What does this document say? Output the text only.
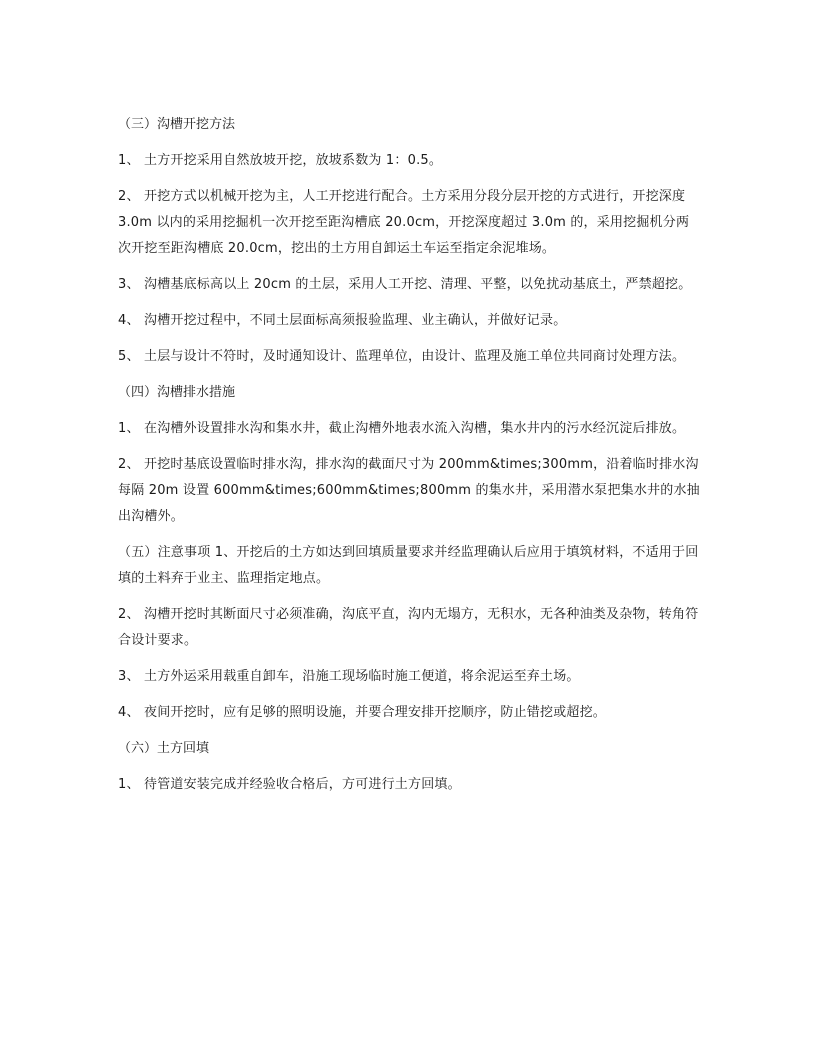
（三）沟槽开挖方法
1、 土方开挖采用自然放坡开挖，放坡系数为 1：0.5。
2、 开挖方式以机械开挖为主，人工开挖进行配合。土方采用分段分层开挖的方式进行，开挖深度 3.0m 以内的采用挖掘机一次开挖至距沟槽底 20.0cm，开挖深度超过 3.0m 的，采用挖掘机分两次开挖至距沟槽底 20.0cm，挖出的土方用自卸运土车运至指定余泥堆场。
3、 沟槽基底标高以上 20cm 的土层，采用人工开挖、清理、平整，以免扰动基底土，严禁超挖。
4、 沟槽开挖过程中，不同土层面标高须报验监理、业主确认，并做好记录。
5、 土层与设计不符时，及时通知设计、监理单位，由设计、监理及施工单位共同商讨处理方法。
（四）沟槽排水措施
1、 在沟槽外设置排水沟和集水井，截止沟槽外地表水流入沟槽，集水井内的污水经沉淀后排放。
2、 开挖时基底设置临时排水沟，排水沟的截面尺寸为 200mm&times;300mm，沿着临时排水沟每隔 20m 设置 600mm&times;600mm&times;800mm 的集水井，采用潜水泵把集水井的水抽出沟槽外。
（五）注意事项 1、开挖后的土方如达到回填质量要求并经监理确认后应用于填筑材料，不适用于回填的土料弃于业主、监理指定地点。
2、 沟槽开挖时其断面尺寸必须准确，沟底平直，沟内无塌方，无积水，无各种油类及杂物，转角符合设计要求。
3、 土方外运采用载重自卸车，沿施工现场临时施工便道，将余泥运至弃土场。
4、 夜间开挖时，应有足够的照明设施，并要合理安排开挖顺序，防止错挖或超挖。
（六）土方回填
1、 待管道安装完成并经验收合格后，方可进行土方回填。
